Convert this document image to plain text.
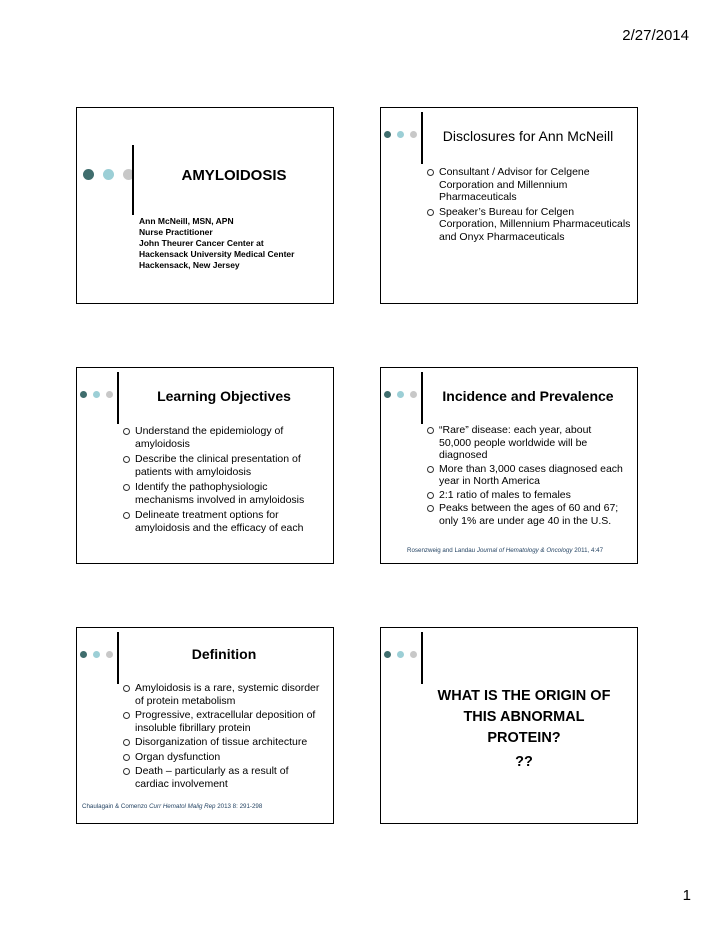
2/27/2014
AMYLOIDOSIS
Ann McNeill, MSN, APN
Nurse Practitioner
John Theurer Cancer Center at
Hackensack University Medical Center
Hackensack, New Jersey
Disclosures for Ann McNeill
Consultant / Advisor for Celgene Corporation and Millennium Pharmaceuticals
Speaker’s Bureau for Celgen Corporation, Millennium Pharmaceuticals and Onyx Pharmaceuticals
Learning Objectives
Understand the epidemiology of amyloidosis
Describe the clinical presentation of patients with amyloidosis
Identify the pathophysiologic mechanisms involved in amyloidosis
Delineate treatment options for amyloidosis and the efficacy of each
Incidence and Prevalence
“Rare” disease: each year, about 50,000 people worldwide will be diagnosed
More than 3,000 cases diagnosed each year in North America
2:1 ratio of males to females
Peaks between the ages of 60 and 67; only 1% are under age 40 in the U.S.
Rosenzweig and Landau Journal of Hematology & Oncology 2011, 4:47
Definition
Amyloidosis is a rare, systemic disorder of protein metabolism
Progressive, extracellular deposition of insoluble fibrillary protein
Disorganization of tissue architecture
Organ dysfunction
Death – particularly as a result of cardiac involvement
Chaulagain & Comenzo Curr Hematol Malig Rep 2013 8: 291-298
WHAT IS THE ORIGIN OF
THIS ABNORMAL
PROTEIN?
??
1
